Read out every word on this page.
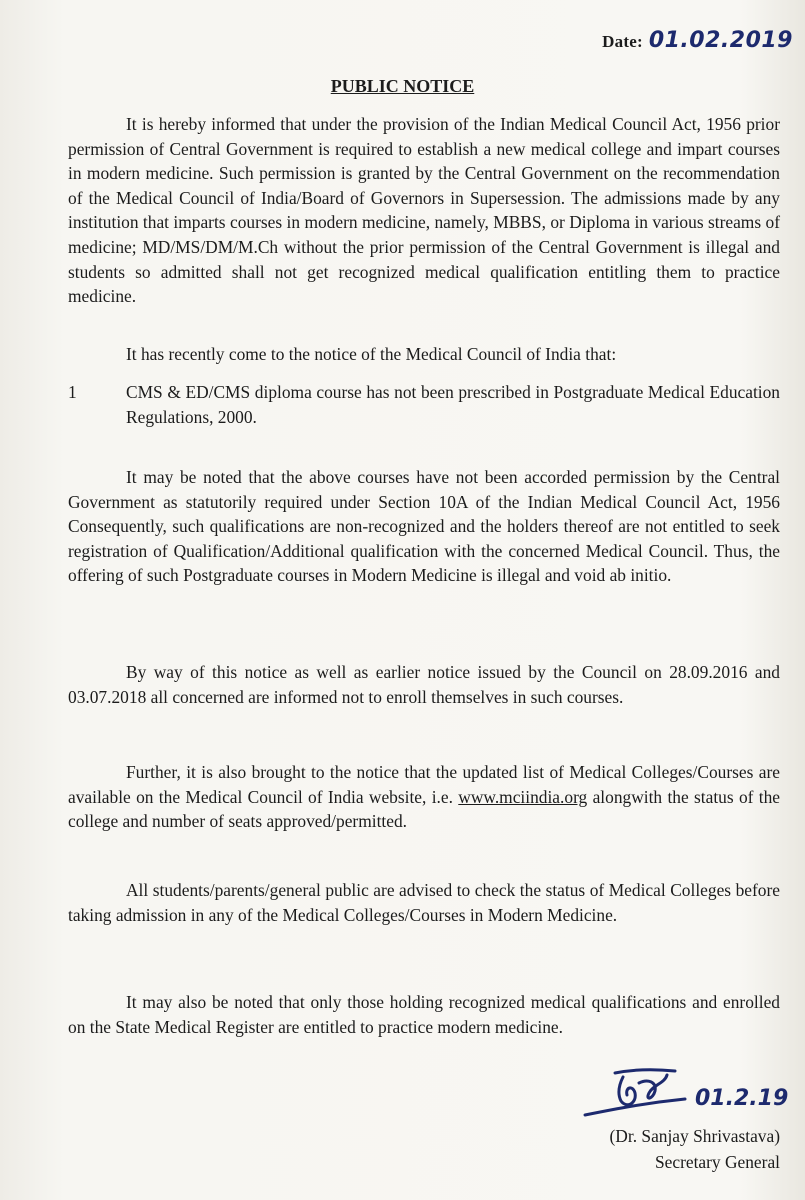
Date: 01.02.2019
PUBLIC NOTICE

It is hereby informed that under the provision of the Indian Medical Council Act, 1956 prior permission of Central Government is required to establish a new medical college and impart courses in modern medicine. Such permission is granted by the Central Government on the recommendation of the Medical Council of India/Board of Governors in Supersession. The admissions made by any institution that imparts courses in modern medicine, namely, MBBS, or Diploma in various streams of medicine; MD/MS/DM/M.Ch without the prior permission of the Central Government is illegal and students so admitted shall not get recognized medical qualification entitling them to practice medicine.

It has recently come to the notice of the Medical Council of India that:

1	CMS & ED/CMS diploma course has not been prescribed in Postgraduate Medical Education Regulations, 2000.

It may be noted that the above courses have not been accorded permission by the Central Government as statutorily required under Section 10A of the Indian Medical Council Act, 1956 Consequently, such qualifications are non-recognized and the holders thereof are not entitled to seek registration of Qualification/Additional qualification with the concerned Medical Council. Thus, the offering of such Postgraduate courses in Modern Medicine is illegal and void ab initio.

By way of this notice as well as earlier notice issued by the Council on 28.09.2016 and 03.07.2018 all concerned are informed not to enroll themselves in such courses.

Further, it is also brought to the notice that the updated list of Medical Colleges/Courses are available on the Medical Council of India website, i.e. www.mciindia.org alongwith the status of the college and number of seats approved/permitted.

All students/parents/general public are advised to check the status of Medical Colleges before taking admission in any of the Medical Colleges/Courses in Modern Medicine.

It may also be noted that only those holding recognized medical qualifications and enrolled on the State Medical Register are entitled to practice modern medicine.

01.2.19
(Dr. Sanjay Shrivastava)
Secretary General
